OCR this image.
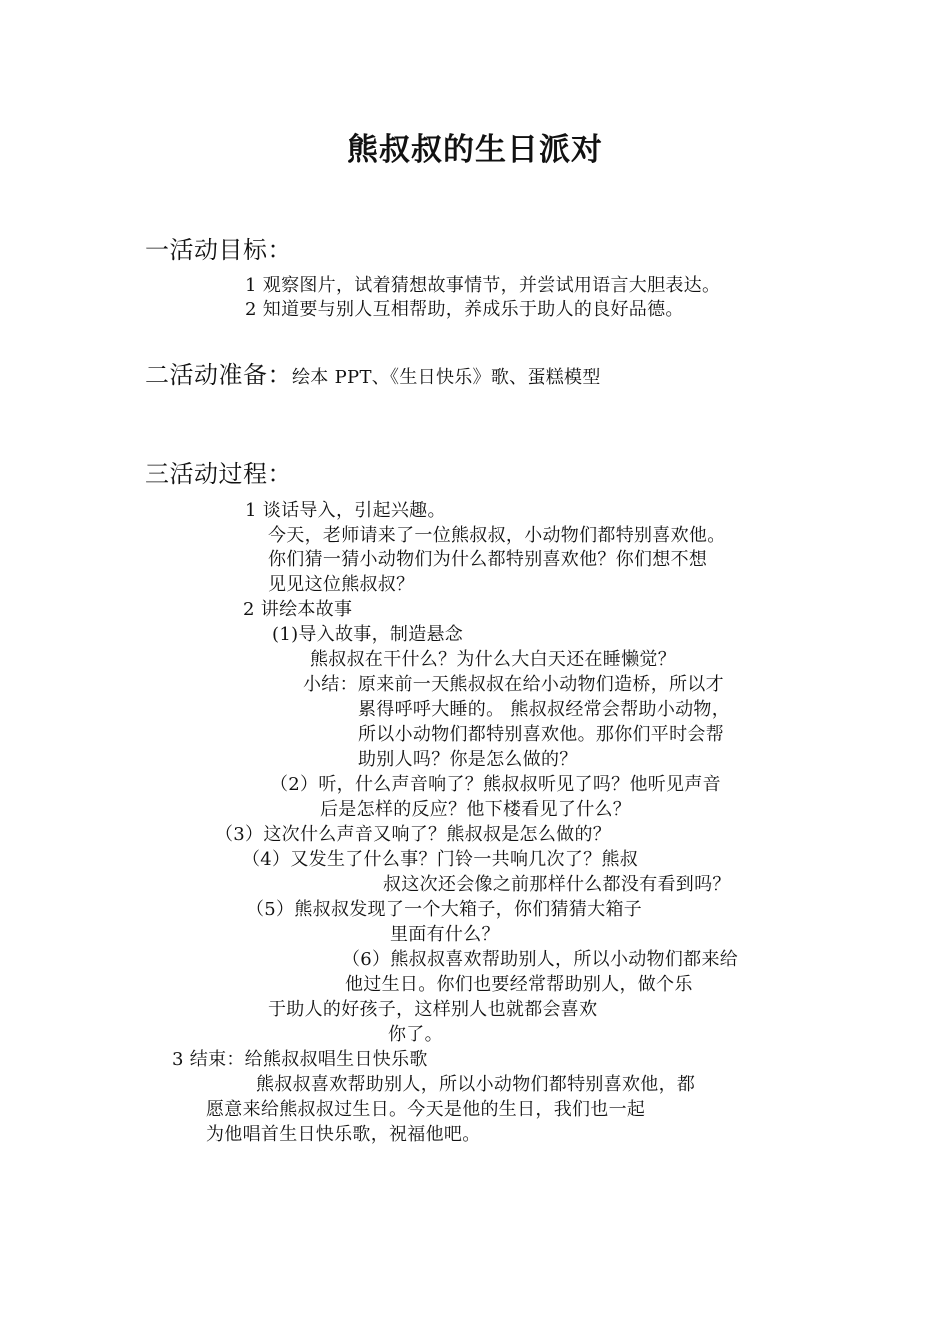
熊叔叔的生日派对
一活动目标：
1 观察图片，试着猜想故事情节，并尝试用语言大胆表达。
2 知道要与别人互相帮助，养成乐于助人的良好品德。
二活动准备：绘本 PPT、《生日快乐》歌、蛋糕模型
三活动过程：
1 谈话导入，引起兴趣。
今天，老师请来了一位熊叔叔，小动物们都特别喜欢他。
你们猜一猜小动物们为什么都特别喜欢他？你们想不想
见见这位熊叔叔？
2 讲绘本故事
(1)导入故事，制造悬念
熊叔叔在干什么？为什么大白天还在睡懒觉？
小结：原来前一天熊叔叔在给小动物们造桥，所以才
累得呼呼大睡的。 熊叔叔经常会帮助小动物，
所以小动物们都特别喜欢他。那你们平时会帮
助别人吗？你是怎么做的？
（2）听，什么声音响了？熊叔叔听见了吗？他听见声音
后是怎样的反应？他下楼看见了什么？
（3）这次什么声音又响了？熊叔叔是怎么做的？
（4）又发生了什么事？门铃一共响几次了？熊叔
叔这次还会像之前那样什么都没有看到吗？
（5）熊叔叔发现了一个大箱子，你们猜猜大箱子
里面有什么？
（6）熊叔叔喜欢帮助别人，所以小动物们都来给
他过生日。你们也要经常帮助别人，做个乐
于助人的好孩子，这样别人也就都会喜欢
你了。
3 结束：给熊叔叔唱生日快乐歌
熊叔叔喜欢帮助别人，所以小动物们都特别喜欢他，都
愿意来给熊叔叔过生日。今天是他的生日，我们也一起
为他唱首生日快乐歌，祝福他吧。
